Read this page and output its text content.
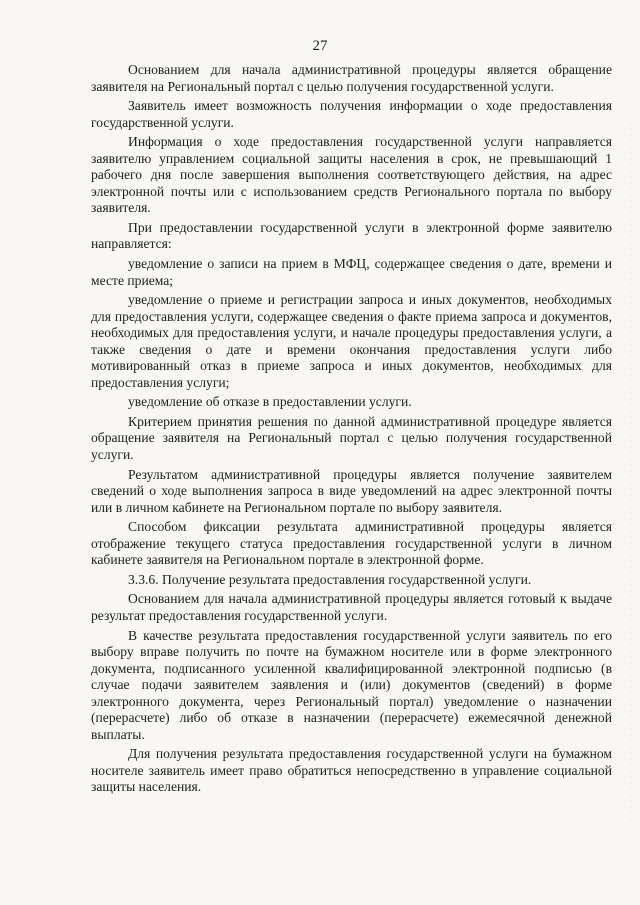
27

Основанием для начала административной процедуры является обращение заявителя на Региональный портал с целью получения государственной услуги.

Заявитель имеет возможность получения информации о ходе предоставления государственной услуги.

Информация о ходе предоставления государственной услуги направляется заявителю управлением социальной защиты населения в срок, не превышающий 1 рабочего дня после завершения выполнения соответствующего действия, на адрес электронной почты или с использованием средств Регионального портала по выбору заявителя.

При предоставлении государственной услуги в электронной форме заявителю направляется:

уведомление о записи на прием в МФЦ, содержащее сведения о дате, времени и месте приема;

уведомление о приеме и регистрации запроса и иных документов, необходимых для предоставления услуги, содержащее сведения о факте приема запроса и документов, необходимых для предоставления услуги, и начале процедуры предоставления услуги, а также сведения о дате и времени окончания предоставления услуги либо мотивированный отказ в приеме запроса и иных документов, необходимых для предоставления услуги;

уведомление об отказе в предоставлении услуги.

Критерием принятия решения по данной административной процедуре является обращение заявителя на Региональный портал с целью получения государственной услуги.

Результатом административной процедуры является получение заявителем сведений о ходе выполнения запроса в виде уведомлений на адрес электронной почты или в личном кабинете на Региональном портале по выбору заявителя.

Способом фиксации результата административной процедуры является отображение текущего статуса предоставления государственной услуги в личном кабинете заявителя на Региональном портале в электронной форме.

3.3.6. Получение результата предоставления государственной услуги.

Основанием для начала административной процедуры является готовый к выдаче результат предоставления государственной услуги.

В качестве результата предоставления государственной услуги заявитель по его выбору вправе получить по почте на бумажном носителе или в форме электронного документа, подписанного усиленной квалифицированной электронной подписью (в случае подачи заявителем заявления и (или) документов (сведений) в форме электронного документа, через Региональный портал) уведомление о назначении (перерасчете) либо об отказе в назначении (перерасчете) ежемесячной денежной выплаты.

Для получения результата предоставления государственной услуги на бумажном носителе заявитель имеет право обратиться непосредственно в управление социальной защиты населения.
